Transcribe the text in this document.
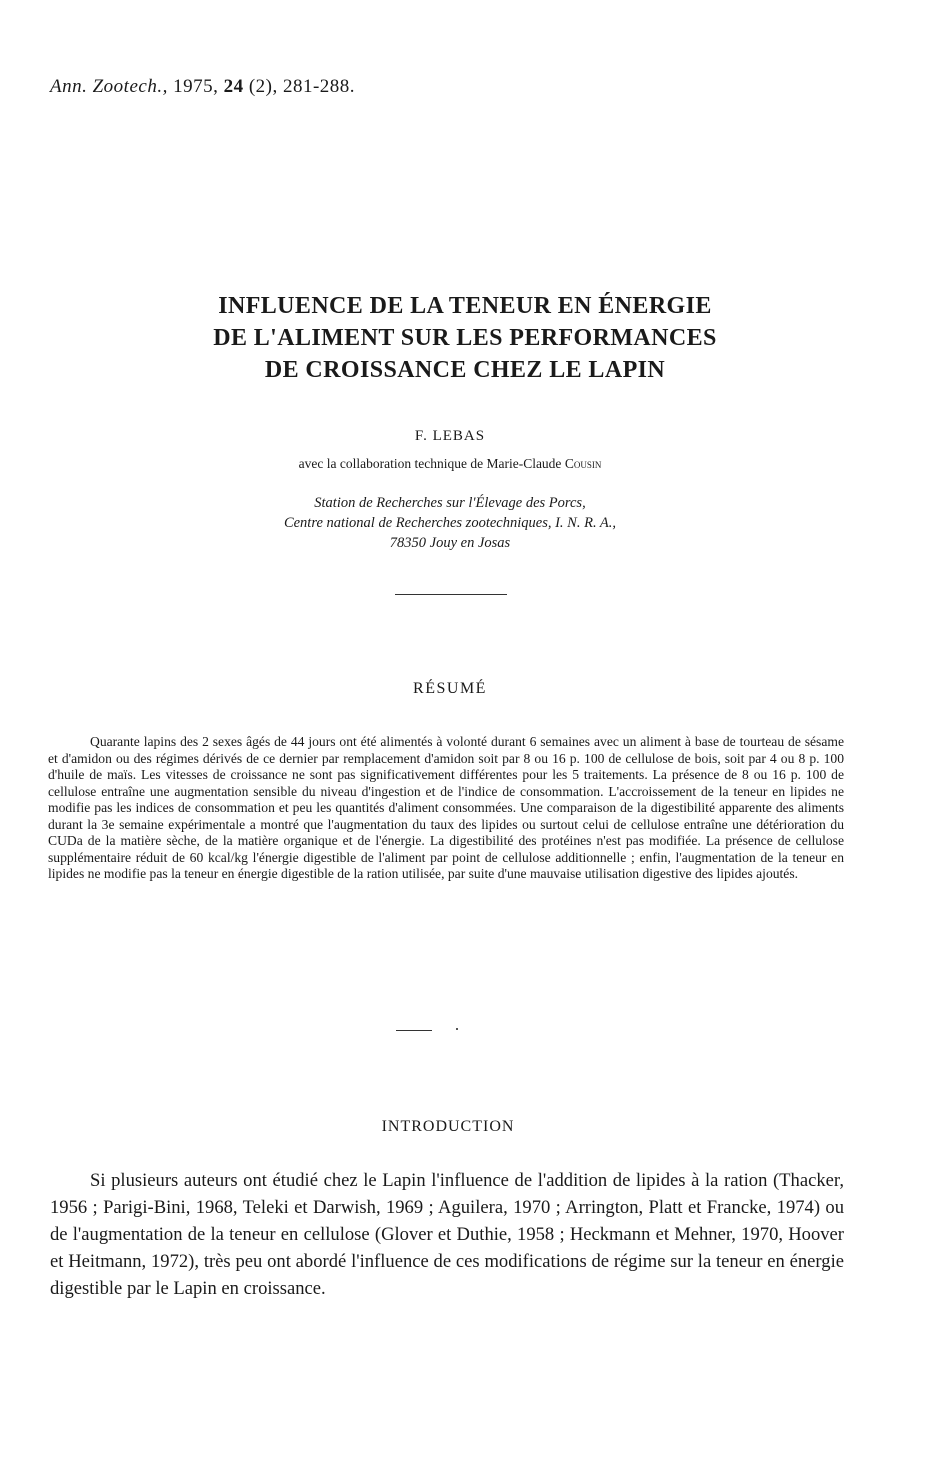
Ann. Zootech., 1975, 24 (2), 281-288.
INFLUENCE DE LA TENEUR EN ÉNERGIE
DE L'ALIMENT SUR LES PERFORMANCES
DE CROISSANCE CHEZ LE LAPIN
F. LEBAS
avec la collaboration technique de Marie-Claude Cousin
Station de Recherches sur l'Élevage des Porcs,
Centre national de Recherches zootechniques, I. N. R. A.,
78350 Jouy en Josas
RÉSUMÉ

Quarante lapins des 2 sexes âgés de 44 jours ont été alimentés à volonté durant 6 semaines avec un aliment à base de tourteau de sésame et d'amidon ou des régimes dérivés de ce dernier par remplacement d'amidon soit par 8 ou 16 p. 100 de cellulose de bois, soit par 4 ou 8 p. 100 d'huile de maïs. Les vitesses de croissance ne sont pas significativement différentes pour les 5 traitements. La présence de 8 ou 16 p. 100 de cellulose entraîne une augmentation sensible du niveau d'ingestion et de l'indice de consommation. L'accroissement de la teneur en lipides ne modifie pas les indices de consommation et peu les quantités d'aliment consommées. Une comparaison de la digestibilité apparente des aliments durant la 3e semaine expérimentale a montré que l'augmentation du taux des lipides ou surtout celui de cellulose entraîne une détérioration du CUDa de la matière sèche, de la matière organique et de l'énergie. La digestibilité des protéines n'est pas modifiée. La présence de cellulose supplémentaire réduit de 60 kcal/kg l'énergie digestible de l'aliment par point de cellulose additionnelle ; enfin, l'augmentation de la teneur en lipides ne modifie pas la teneur en énergie digestible de la ration utilisée, par suite d'une mauvaise utilisation digestive des lipides ajoutés.

INTRODUCTION

Si plusieurs auteurs ont étudié chez le Lapin l'influence de l'addition de lipides à la ration (Thacker, 1956 ; Parigi-Bini, 1968, Teleki et Darwish, 1969 ; Aguilera, 1970 ; Arrington, Platt et Francke, 1974) ou de l'augmentation de la teneur en cellulose (Glover et Duthie, 1958 ; Heckmann et Mehner, 1970, Hoover et Heitmann, 1972), très peu ont abordé l'influence de ces modifications de régime sur la teneur en énergie digestible par le Lapin en croissance.
